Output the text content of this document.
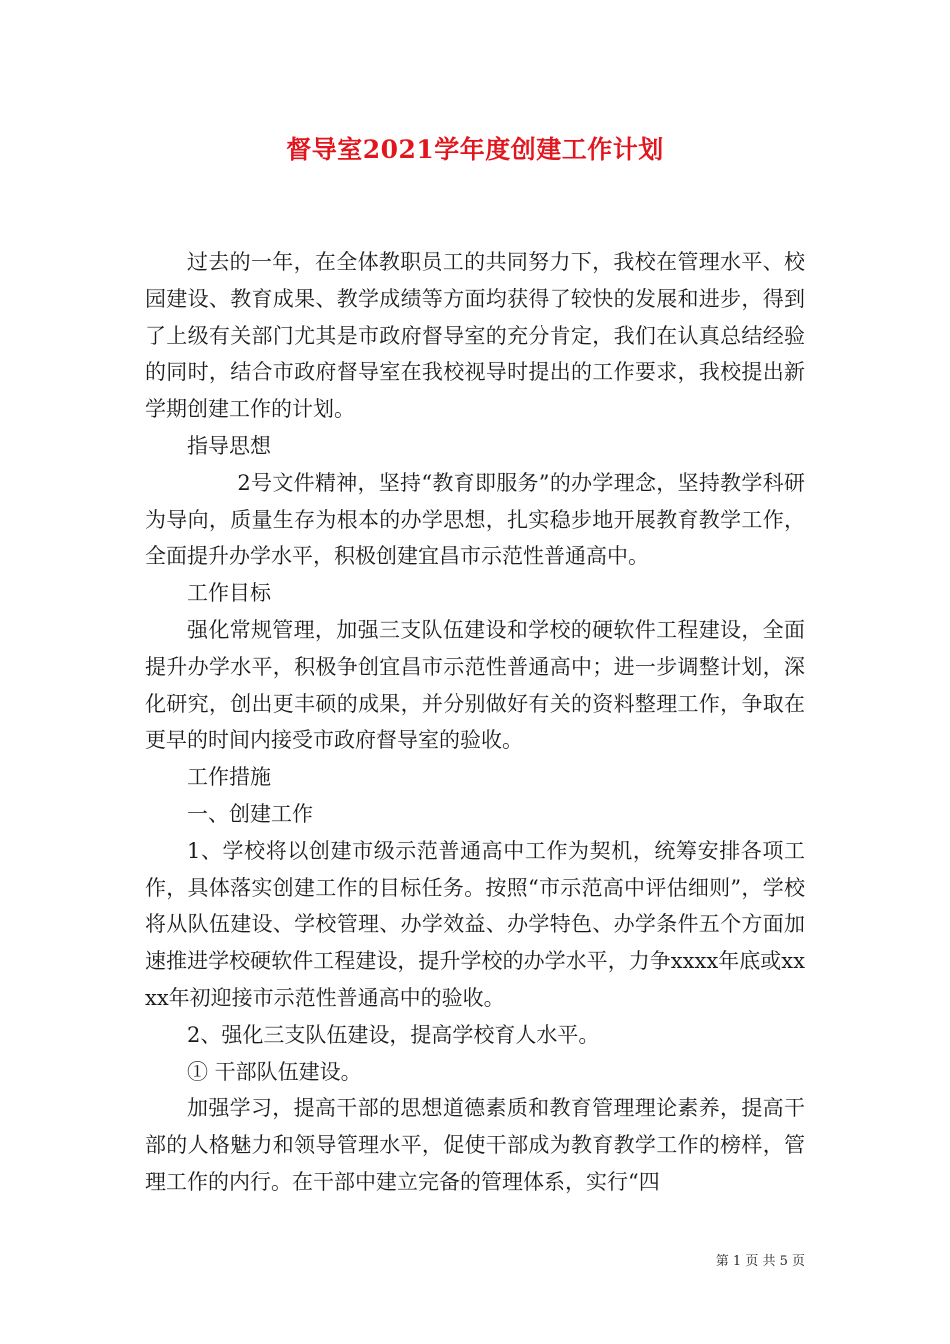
督导室2021学年度创建工作计划

过去的一年，在全体教职员工的共同努力下，我校在管理水平、校园建设、教育成果、教学成绩等方面均获得了较快的发展和进步，得到了上级有关部门尤其是市政府督导室的充分肯定，我们在认真总结经验的同时，结合市政府督导室在我校视导时提出的工作要求，我校提出新学期创建工作的计划。

指导思想

2号文件精神，坚持“教育即服务”的办学理念，坚持教学科研为导向，质量生存为根本的办学思想，扎实稳步地开展教育教学工作，全面提升办学水平，积极创建宜昌市示范性普通高中。

工作目标

强化常规管理，加强三支队伍建设和学校的硬软件工程建设，全面提升办学水平，积极争创宜昌市示范性普通高中；进一步调整计划，深化研究，创出更丰硕的成果，并分别做好有关的资料整理工作，争取在更早的时间内接受市政府督导室的验收。

工作措施

一、创建工作

1、学校将以创建市级示范普通高中工作为契机，统筹安排各项工作，具体落实创建工作的目标任务。按照“市示范高中评估细则”，学校将从队伍建设、学校管理、办学效益、办学特色、办学条件五个方面加速推进学校硬软件工程建设，提升学校的办学水平，力争xxxx年底或xxxx年初迎接市示范性普通高中的验收。

2、强化三支队伍建设，提高学校育人水平。

① 干部队伍建设。

加强学习，提高干部的思想道德素质和教育管理理论素养，提高干部的人格魅力和领导管理水平，促使干部成为教育教学工作的榜样，管理工作的内行。在干部中建立完备的管理体系，实行“四

第 1 页 共 5 页
